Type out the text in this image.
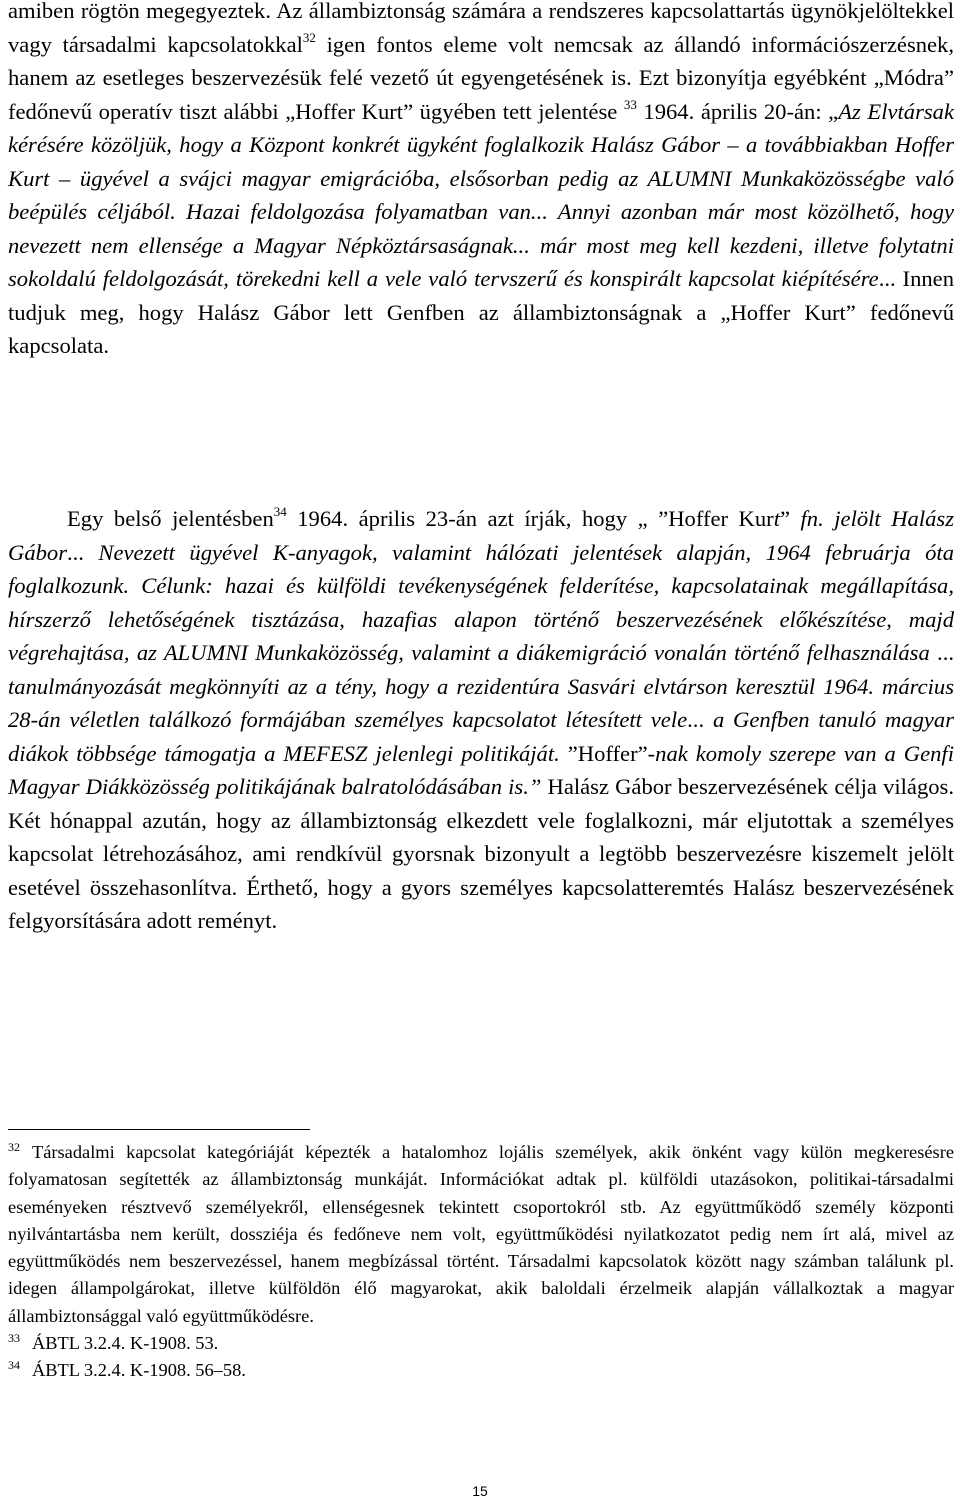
amiben rögtön megegyeztek. Az állambiztonság számára a rendszeres kapcsolattartás ügynökjelöltekkel vagy társadalmi kapcsolatokkal$^{32}$ igen fontos eleme volt nemcsak az állandó információszerzésnek, hanem az esetleges beszervezésük felé vezető út egyengetésének is. Ezt bizonyítja egyébként „Módra” fedőnevű operatív tiszt alábbi „Hoffer Kurt” ügyében tett jelentése $^{33}$ 1964. április 20-án: „Az Elvtársak kérésére közöljük, hogy a Központ konkrét ügyként foglalkozik Halász Gábor – a továbbiakban Hoffer Kurt – ügyével a svájci magyar emigrációba, elsősorban pedig az ALUMNI Munkaközösségbe való beépülés céljából. Hazai feldolgozása folyamatban van... Annyi azonban már most közölhető, hogy nevezett nem ellensége a Magyar Népköztársaságnak... már most meg kell kezdeni, illetve folytatni sokoldalú feldolgozását, törekedni kell a vele való tervszerű és konspirált kapcsolat kiépítésére... Innen tudjuk meg, hogy Halász Gábor lett Genfben az állambiztonságnak a „Hoffer Kurt” fedőnevű kapcsolata.
Egy belső jelentésben$^{34}$ 1964. április 23-án azt írják, hogy „ ”Hoffer Kurt” fn. jelölt Halász Gábor... Nevezett ügyével K-anyagok, valamint hálózati jelentések alapján, 1964 februárja óta foglalkozunk. Célunk: hazai és külföldi tevékenységének felderítése, kapcsolatainak megállapítása, hírszerző lehetőségének tisztázása, hazafias alapon történő beszervezésének előkészítése, majd végrehajtása, az ALUMNI Munkaközösség, valamint a diákemigráció vonalán történő felhasználása ... tanulmányozását megkönnyíti az a tény, hogy a rezidentúra Sasvári elvtárson keresztül 1964. március 28-án véletlen találkozó formájában személyes kapcsolatot létesített vele... a Genfben tanuló magyar diákok többsége támogatja a MEFESZ jelenlegi politikáját. ”Hoffer”-nak komoly szerepe van a Genfi Magyar Diákközösség politikájának balratolódásában is.” Halász Gábor beszervezésének célja világos. Két hónappal azután, hogy az állambiztonság elkezdett vele foglalkozni, már eljutottak a személyes kapcsolat létrehozásához, ami rendkívül gyorsnak bizonyult a legtöbb beszervezésre kiszemelt jelölt esetével összehasonlítva. Érthető, hogy a gyors személyes kapcsolatteremtés Halász beszervezésének felgyorsítására adott reményt.

$^{32}$ Társadalmi kapcsolat kategóriáját képezték a hatalomhoz lojális személyek, akik önként vagy külön megkeresésre folyamatosan segítették az állambiztonság munkáját. Információkat adtak pl. külföldi utazásokon, politikai-társadalmi eseményeken résztvevő személyekről, ellenségesnek tekintett csoportokról stb. Az együttműködő személy központi nyilvántartásba nem került, dossziéja és fedőneve nem volt, együttműködési nyilatkozatot pedig nem írt alá, mivel az együttműködés nem beszervezéssel, hanem megbízással történt. Társadalmi kapcsolatok között nagy számban találunk pl. idegen állampolgárokat, illetve külföldön élő magyarokat, akik baloldali érzelmeik alapján vállalkoztak a magyar állambiztonsággal való együttműködésre.

$^{33}$ ÁBTL 3.2.4. K-1908. 53.

$^{34}$ ÁBTL 3.2.4. K-1908. 56–58.

15
